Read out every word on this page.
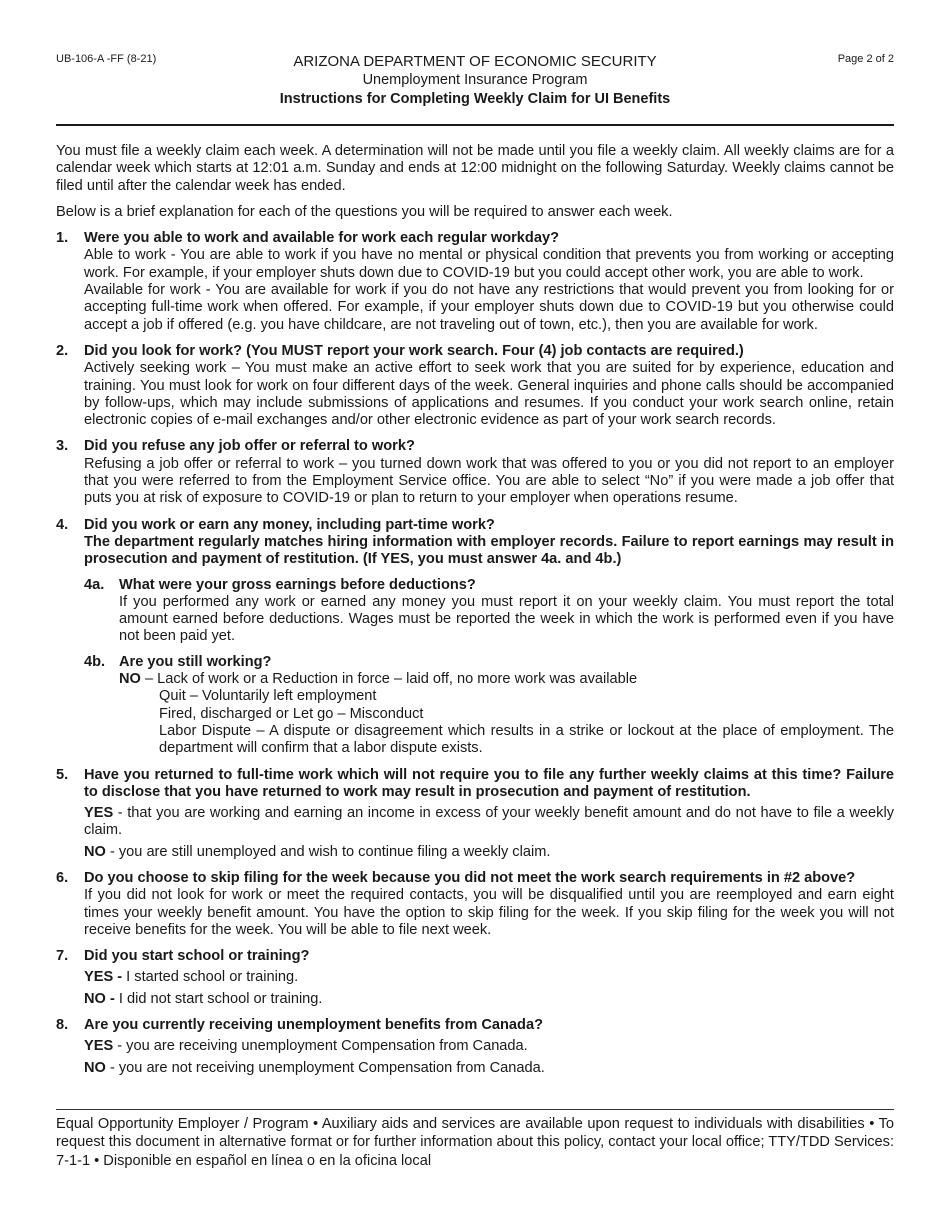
UB-106-A -FF (8-21)	Page 2 of 2
ARIZONA DEPARTMENT OF ECONOMIC SECURITY
Unemployment Insurance Program
Instructions for Completing Weekly Claim for UI Benefits

You must file a weekly claim each week. A determination will not be made until you file a weekly claim. All weekly claims are for a calendar week which starts at 12:01 a.m. Sunday and ends at 12:00 midnight on the following Saturday. Weekly claims cannot be filed until after the calendar week has ended.

Below is a brief explanation for each of the questions you will be required to answer each week.

1. Were you able to work and available for work each regular workday?

Able to work - You are able to work if you have no mental or physical condition that prevents you from working or accepting work. For example, if your employer shuts down due to COVID-19 but you could accept other work, you are able to work.

Available for work - You are available for work if you do not have any restrictions that would prevent you from looking for or accepting full-time work when offered. For example, if your employer shuts down due to COVID-19 but you otherwise could accept a job if offered (e.g. you have childcare, are not traveling out of town, etc.), then you are available for work.

2. Did you look for work? (You MUST report your work search. Four (4) job contacts are required.)

Actively seeking work – You must make an active effort to seek work that you are suited for by experience, education and training. You must look for work on four different days of the week. General inquiries and phone calls should be accompanied by follow-ups, which may include submissions of applications and resumes. If you conduct your work search online, retain electronic copies of e-mail exchanges and/or other electronic evidence as part of your work search records.

3. Did you refuse any job offer or referral to work?

Refusing a job offer or referral to work – you turned down work that was offered to you or you did not report to an employer that you were referred to from the Employment Service office. You are able to select “No” if you were made a job offer that puts you at risk of exposure to COVID-19 or plan to return to your employer when operations resume.

4. Did you work or earn any money, including part-time work?

The department regularly matches hiring information with employer records. Failure to report earnings may result in prosecution and payment of restitution. (If YES, you must answer 4a. and 4b.)

4a. What were your gross earnings before deductions?

If you performed any work or earned any money you must report it on your weekly claim. You must report the total amount earned before deductions. Wages must be reported the week in which the work is performed even if you have not been paid yet.

4b. Are you still working?

NO – Lack of work or a Reduction in force – laid off, no more work was available

Quit – Voluntarily left employment

Fired, discharged or Let go – Misconduct

Labor Dispute – A dispute or disagreement which results in a strike or lockout at the place of employment. The department will confirm that a labor dispute exists.

5. Have you returned to full-time work which will not require you to file any further weekly claims at this time? Failure to disclose that you have returned to work may result in prosecution and payment of restitution.

YES - that you are working and earning an income in excess of your weekly benefit amount and do not have to file a weekly claim.

NO - you are still unemployed and wish to continue filing a weekly claim.

6. Do you choose to skip filing for the week because you did not meet the work search requirements in #2 above?

If you did not look for work or meet the required contacts, you will be disqualified until you are reemployed and earn eight times your weekly benefit amount. You have the option to skip filing for the week. If you skip filing for the week you will not receive benefits for the week. You will be able to file next week.

7. Did you start school or training?

YES - I started school or training.

NO - I did not start school or training.

8. Are you currently receiving unemployment benefits from Canada?

YES - you are receiving unemployment Compensation from Canada.

NO - you are not receiving unemployment Compensation from Canada.

Equal Opportunity Employer / Program • Auxiliary aids and services are available upon request to individuals with disabilities • To request this document in alternative format or for further information about this policy, contact your local office; TTY/TDD Services: 7-1-1 • Disponible en español en línea o en la oficina local
